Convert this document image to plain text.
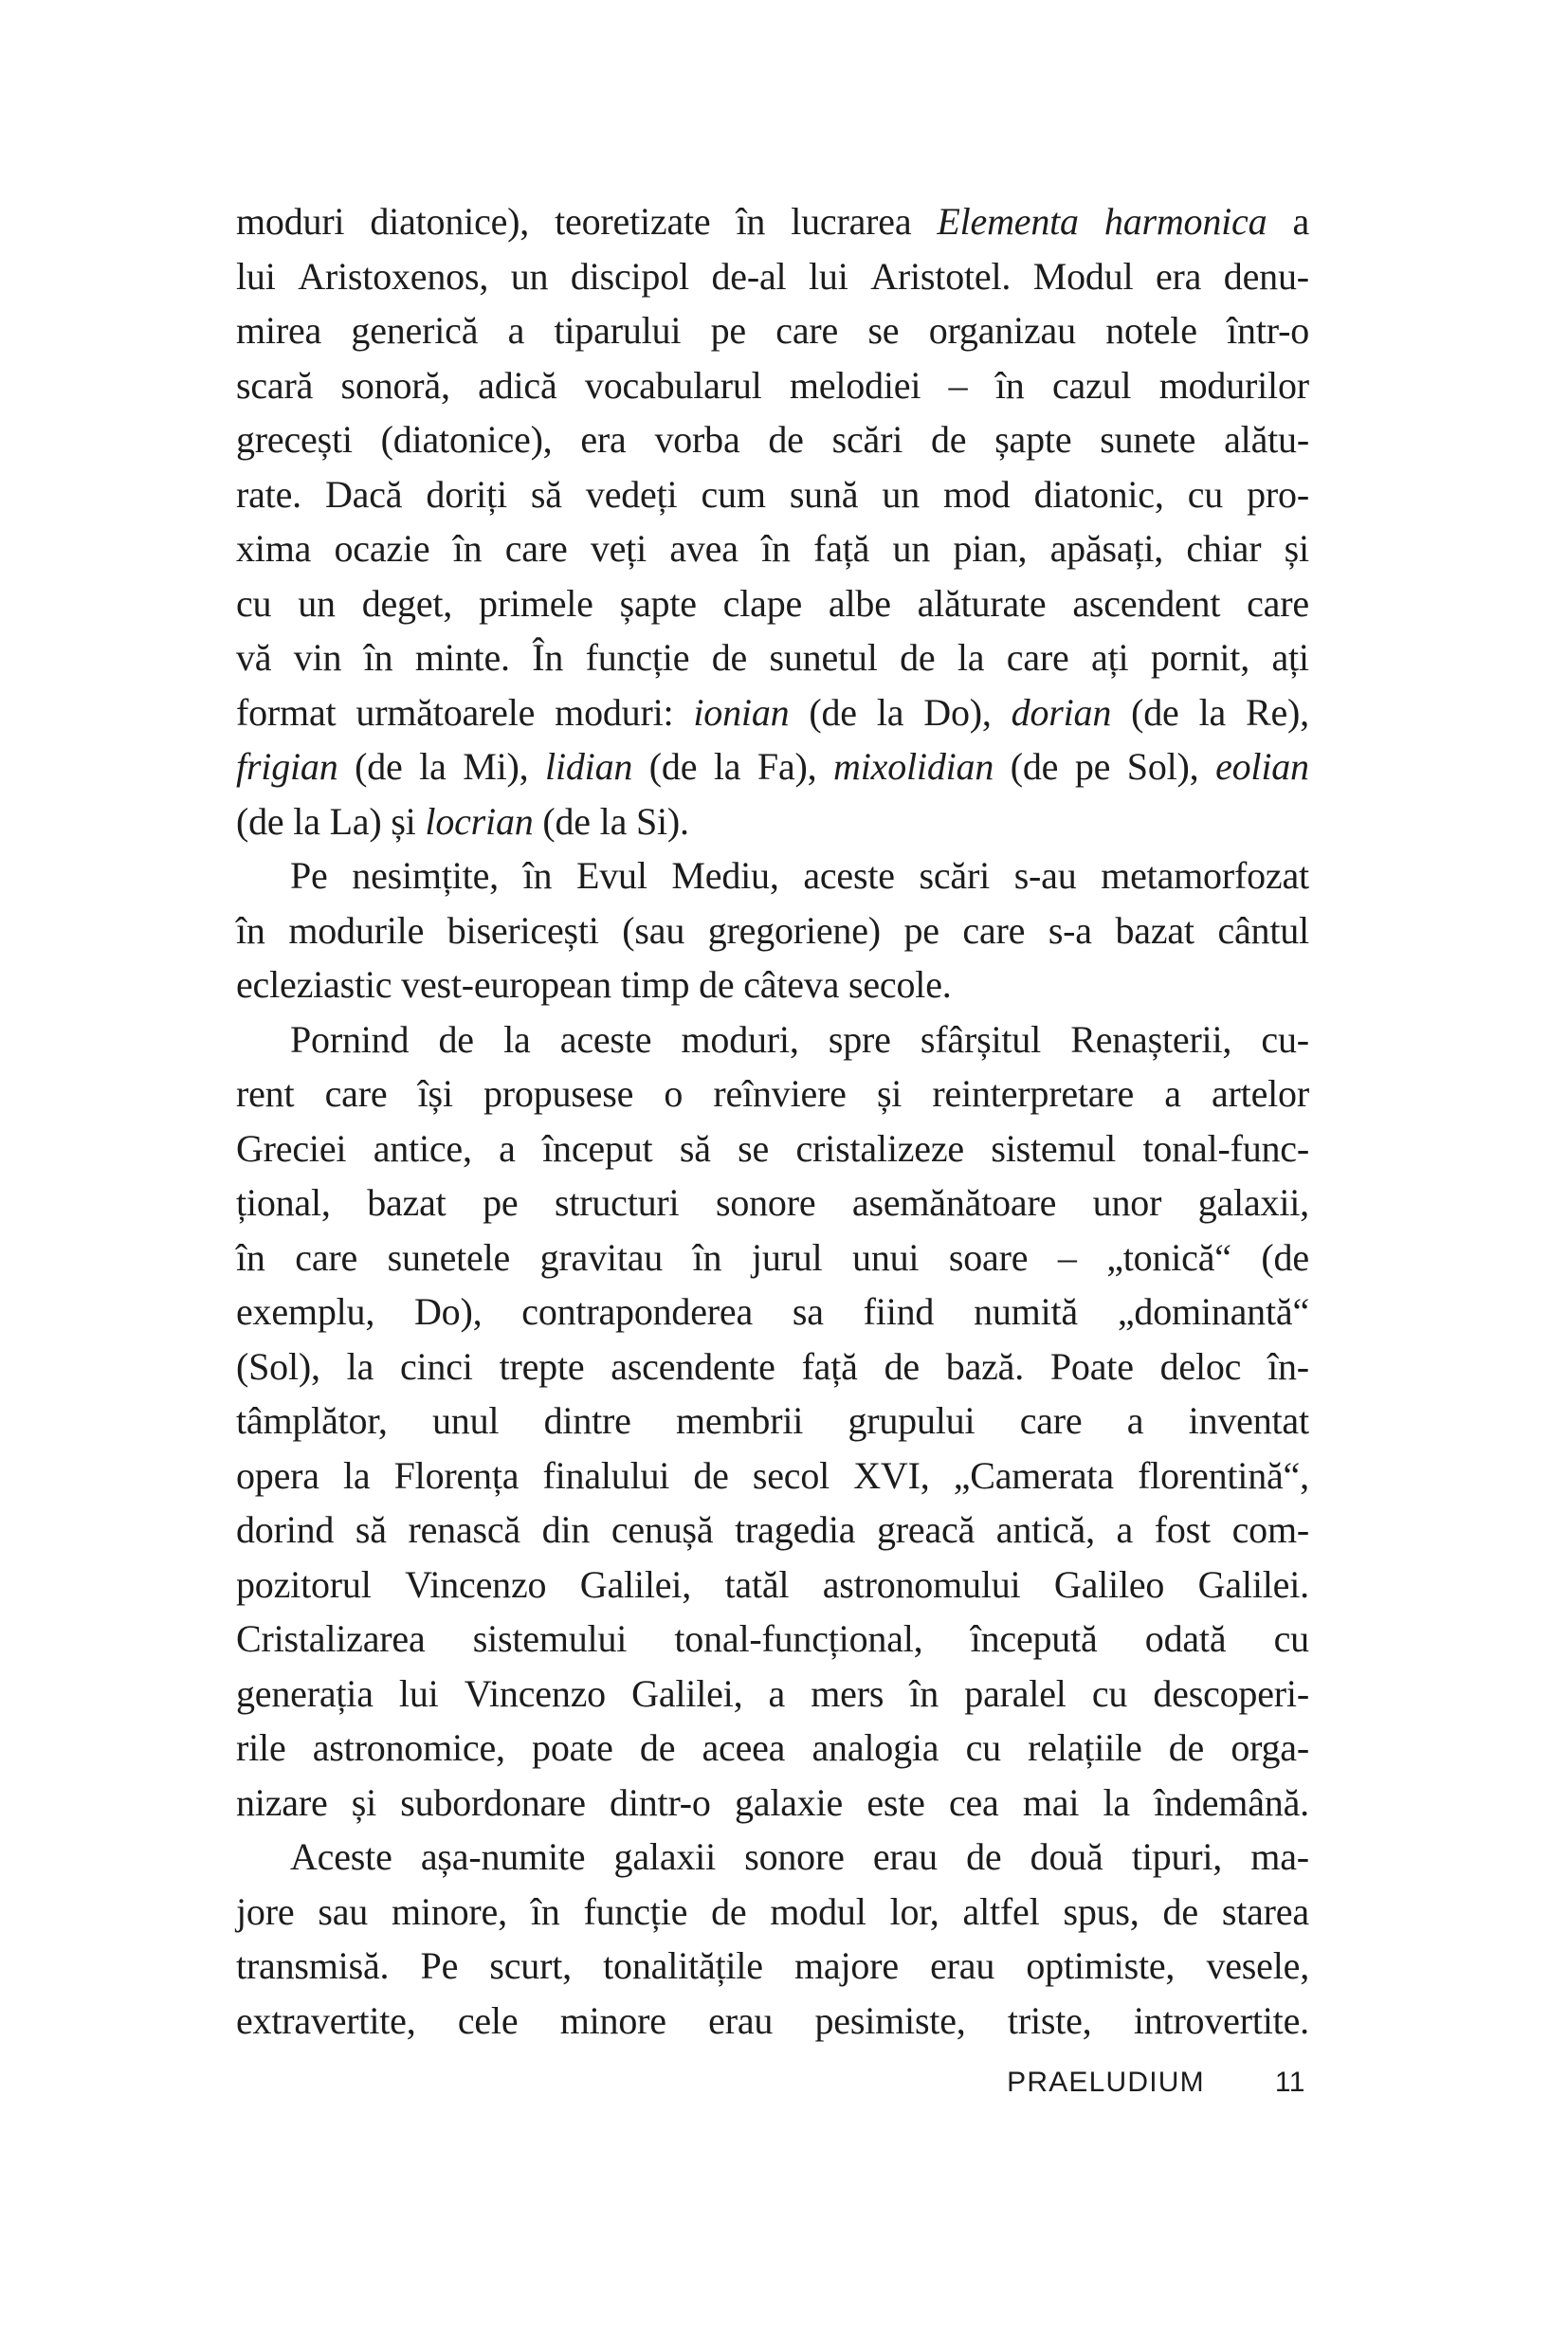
moduri diatonice), teoretizate în lucrarea Elementa harmonica a
lui Aristoxenos, un discipol de-al lui Aristotel. Modul era denu-
mirea generică a tiparului pe care se organizau notele într-o
scară sonoră, adică vocabularul melodiei – în cazul modurilor
grecești (diatonice), era vorba de scări de șapte sunete alătu-
rate. Dacă doriți să vedeți cum sună un mod diatonic, cu pro-
xima ocazie în care veți avea în față un pian, apăsați, chiar și
cu un deget, primele șapte clape albe alăturate ascendent care
vă vin în minte. În funcție de sunetul de la care ați pornit, ați
format următoarele moduri: ionian (de la Do), dorian (de la Re),
frigian (de la Mi), lidian (de la Fa), mixolidian (de pe Sol), eolian
(de la La) și locrian (de la Si).
Pe nesimțite, în Evul Mediu, aceste scări s-au metamorfozat
în modurile bisericești (sau gregoriene) pe care s-a bazat cântul
ecleziastic vest-european timp de câteva secole.
Pornind de la aceste moduri, spre sfârșitul Renașterii, cu-
rent care își propusese o reînviere și reinterpretare a artelor
Greciei antice, a început să se cristalizeze sistemul tonal-func-
țional, bazat pe structuri sonore asemănătoare unor galaxii,
în care sunetele gravitau în jurul unui soare – „tonică“ (de
exemplu, Do), contraponderea sa fiind numită „dominantă“
(Sol), la cinci trepte ascendente față de bază. Poate deloc în-
tâmplător, unul dintre membrii grupului care a inventat
opera la Florența finalului de secol XVI, „Camerata florentină“,
dorind să renască din cenușă tragedia greacă antică, a fost com-
pozitorul Vincenzo Galilei, tatăl astronomului Galileo Galilei.
Cristalizarea sistemului tonal-funcțional, începută odată cu
generația lui Vincenzo Galilei, a mers în paralel cu descoperi-
rile astronomice, poate de aceea analogia cu relațiile de orga-
nizare și subordonare dintr-o galaxie este cea mai la îndemână.
Aceste așa-numite galaxii sonore erau de două tipuri, ma-
jore sau minore, în funcție de modul lor, altfel spus, de starea
transmisă. Pe scurt, tonalitățile majore erau optimiste, vesele,
extravertite, cele minore erau pesimiste, triste, introvertite.
PRAELUDIUM 11
